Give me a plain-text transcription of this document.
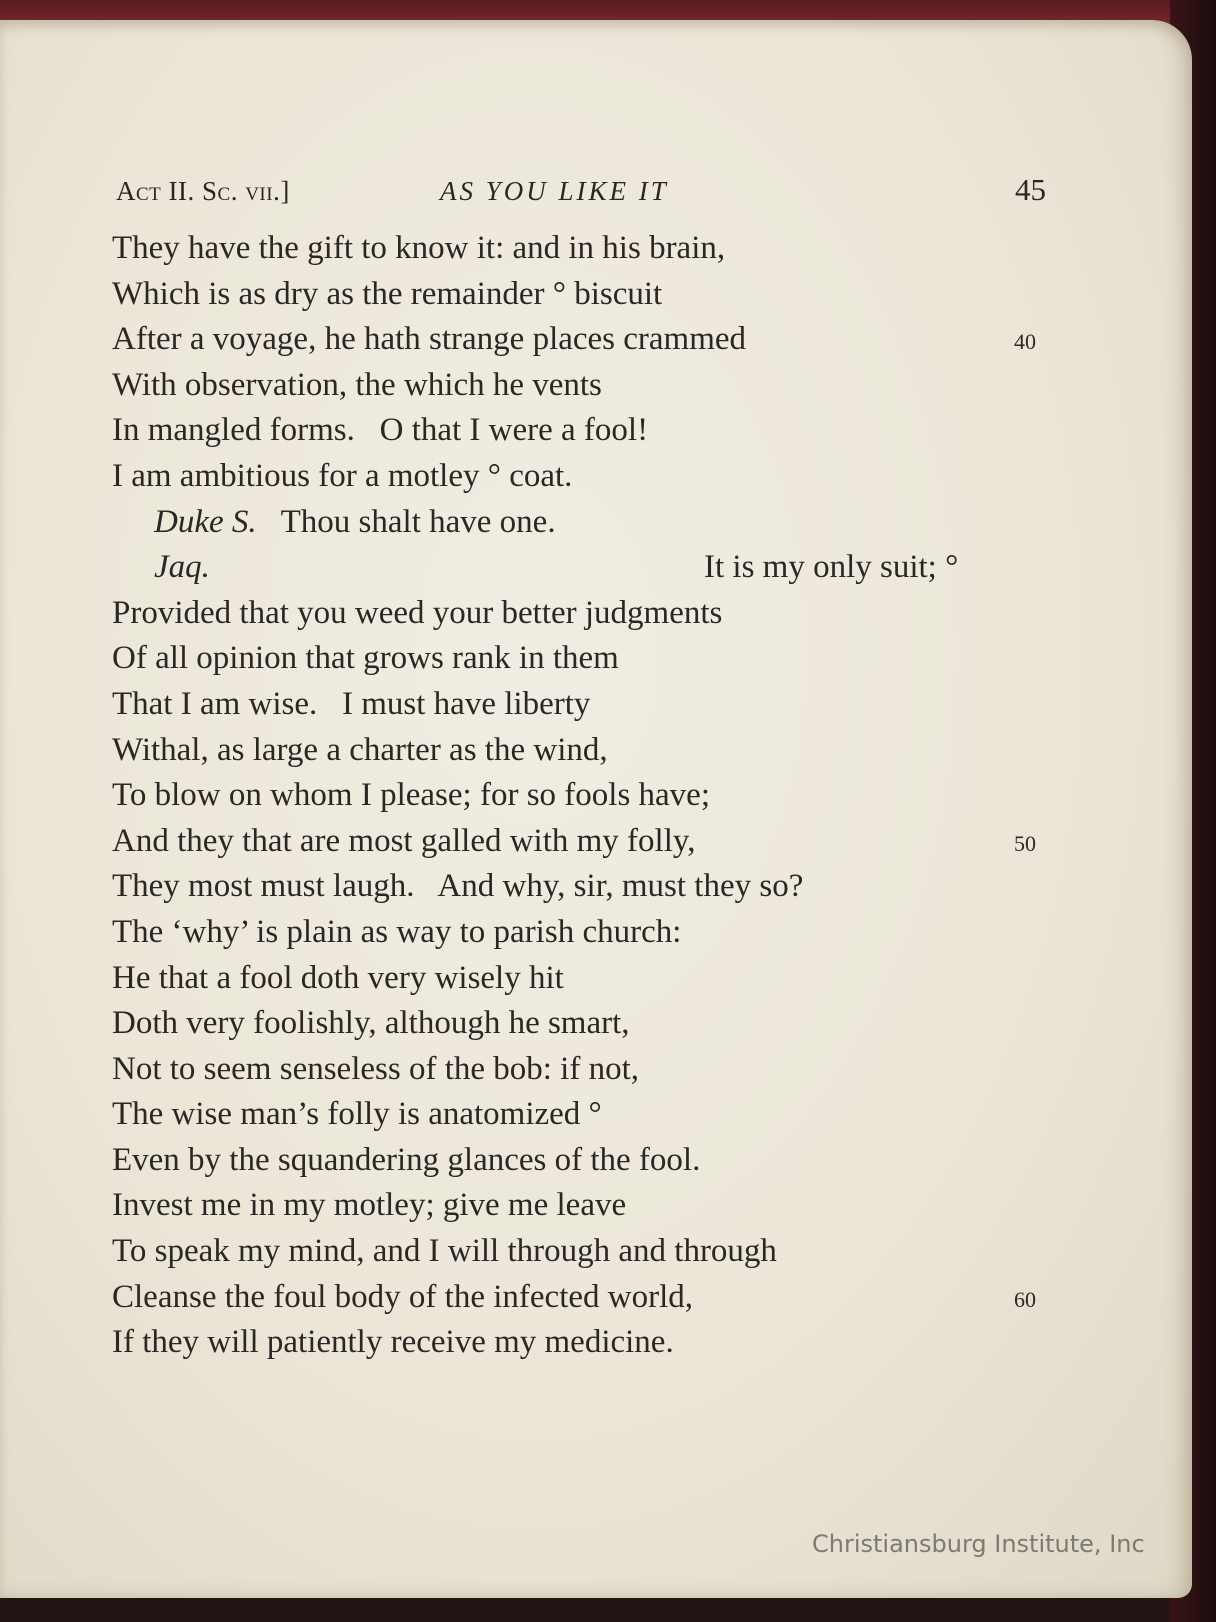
Act II. Sc. vii.]	AS YOU LIKE IT	45
They have the gift to know it: and in his brain,
Which is as dry as the remainder ° biscuit
After a voyage, he hath strange places crammed	40
With observation, the which he vents
In mangled forms.   O that I were a fool!
I am ambitious for a motley ° coat.
Duke S. Thou shalt have one.
Jaq.	It is my only suit; °
Provided that you weed your better judgments
Of all opinion that grows rank in them
That I am wise.   I must have liberty
Withal, as large a charter as the wind,
To blow on whom I please; for so fools have;
And they that are most galled with my folly,	50
They most must laugh.   And why, sir, must they so?
The ‘why’ is plain as way to parish church:
He that a fool doth very wisely hit
Doth very foolishly, although he smart,
Not to seem senseless of the bob: if not,
The wise man’s folly is anatomized °
Even by the squandering glances of the fool.
Invest me in my motley; give me leave
To speak my mind, and I will through and through
Cleanse the foul body of the infected world,	60
If they will patiently receive my medicine.
Christiansburg Institute, Inc
